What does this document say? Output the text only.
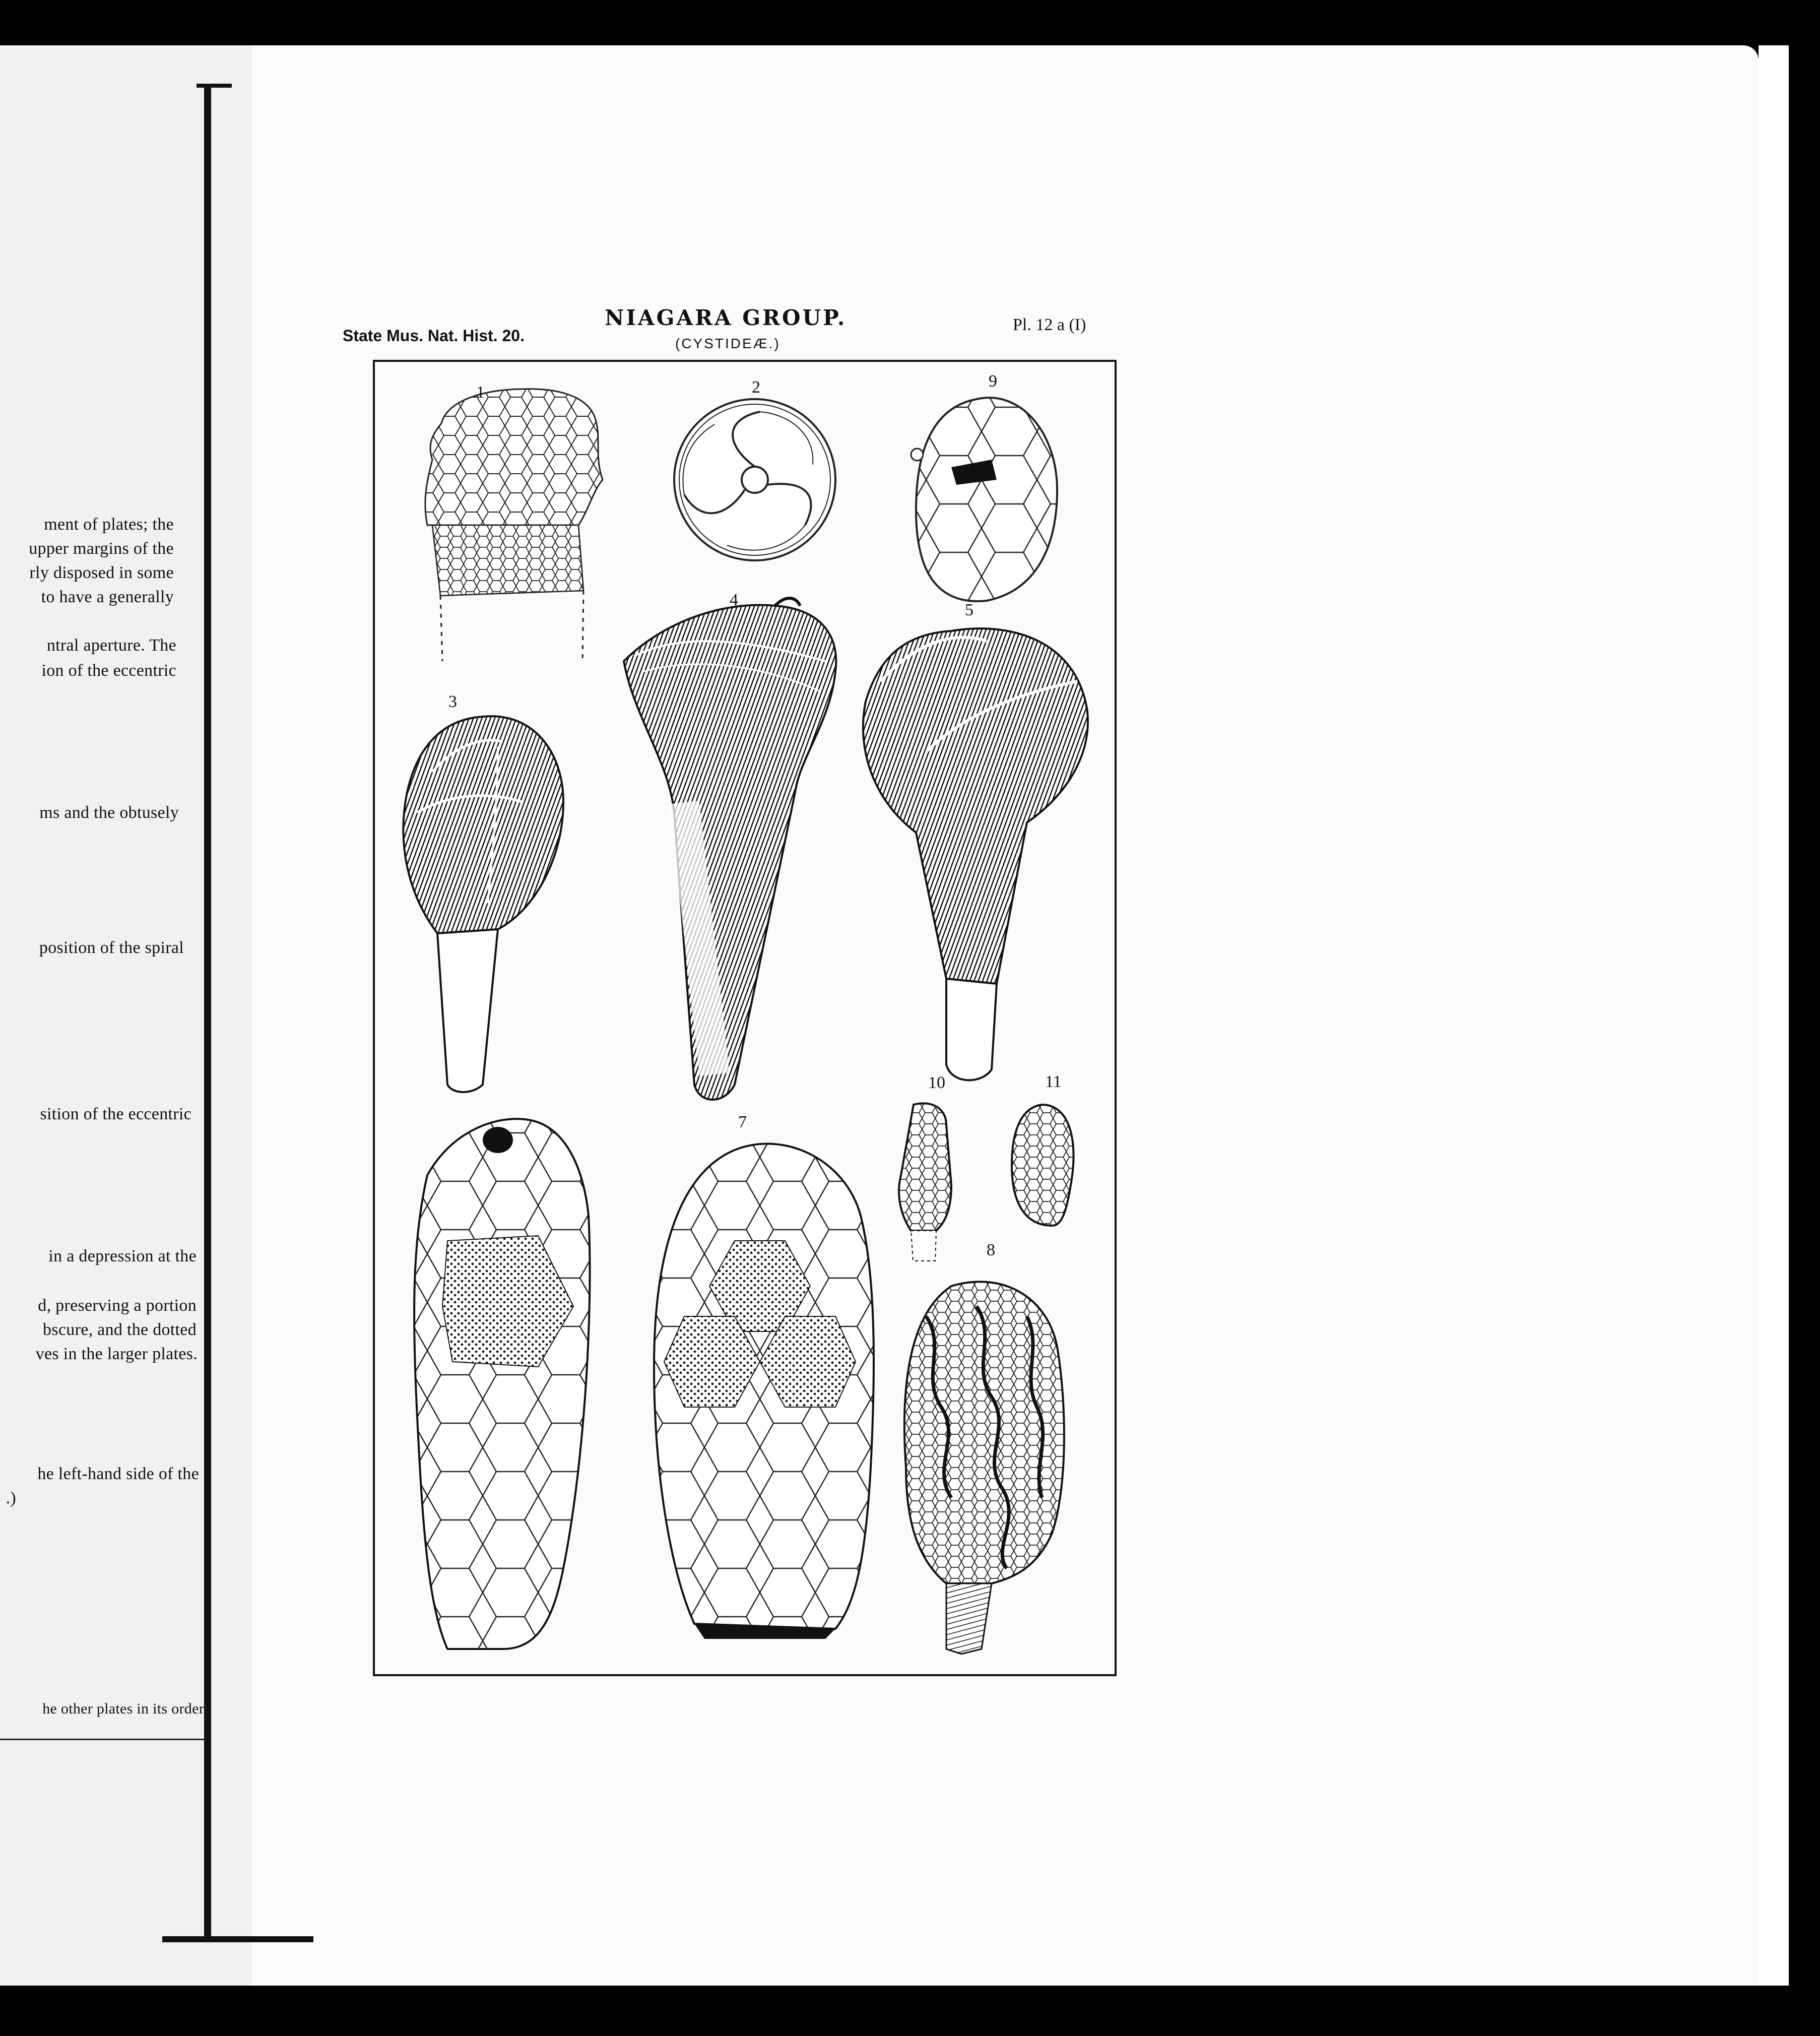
ment of plates; the
upper margins of the
rly disposed in some
to have a generally
ntral aperture. The
ion of the eccentric
ms and the obtusely
position of the spiral
sition of the eccentric
in a depression at the
d, preserving a portion
bscure, and the dotted
ves in the larger plates.
he left-hand side of the
.)
he other plates in its order
State Mus. Nat. Hist. 20.
NIAGARA GROUP.
(CYSTIDEÆ.)
Pl. 12 a (I)
1	2	9
4
5
3
10	11
7
8
